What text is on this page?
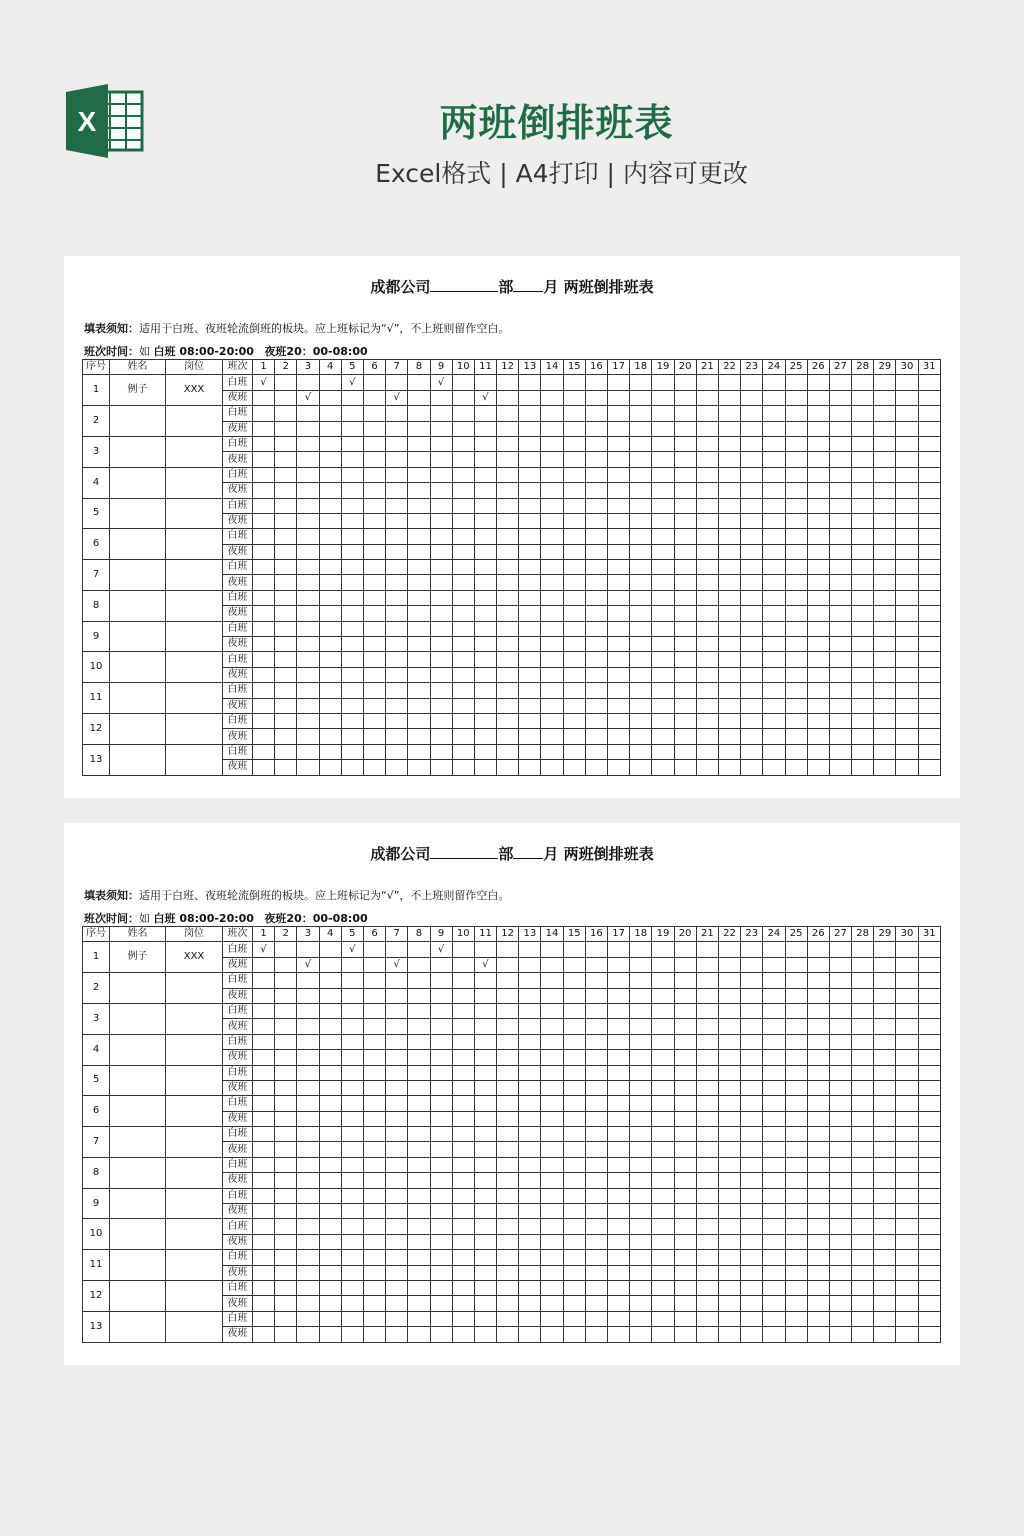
X	两班倒排班表
Excel格式 | A4打印 | 内容可更改
成都公司	部 月 两班倒排班表
填表须知：适用于白班、夜班轮流倒班的板块。应上班标记为“√”，不上班则留作空白。
班次时间：如 白班 08:00-20:00 夜班20：00-08:00
序号	姓名	岗位	班次	1	2	3	4	5	6	7	8	9	10	11	12	13	14	15	16	17	18	19	20	21	22	23	24	25	26	27	28	29	30	31
1	例子	XXX	白班	√				√				√																						
			夜班			√				√				√																				
2			白班																															
			夜班																															
3			白班																															
			夜班																															
4			白班																															
			夜班																															
5			白班																															
			夜班																															
6			白班																															
			夜班																															
7			白班																															
			夜班																															
8			白班																															
			夜班																															
9			白班																															
			夜班																															
10			白班																															
			夜班																															
11			白班																															
			夜班																															
12			白班																															
			夜班																															
13			白班																															
			夜班																															
成都公司	部 月 两班倒排班表
填表须知：适用于白班、夜班轮流倒班的板块。应上班标记为“√”，不上班则留作空白。
班次时间：如 白班 08:00-20:00 夜班20：00-08:00
序号	姓名	岗位	班次	1	2	3	4	5	6	7	8	9	10	11	12	13	14	15	16	17	18	19	20	21	22	23	24	25	26	27	28	29	30	31
1	例子	XXX	白班	√				√				√																						
			夜班			√				√				√																				
2			白班																															
			夜班																															
3			白班																															
			夜班																															
4			白班																															
			夜班																															
5			白班																															
			夜班																															
6			白班																															
			夜班																															
7			白班																															
			夜班																															
8			白班																															
			夜班																															
9			白班																															
			夜班																															
10			白班																															
			夜班																															
11			白班																															
			夜班																															
12			白班																															
			夜班																															
13			白班																															
			夜班																															
